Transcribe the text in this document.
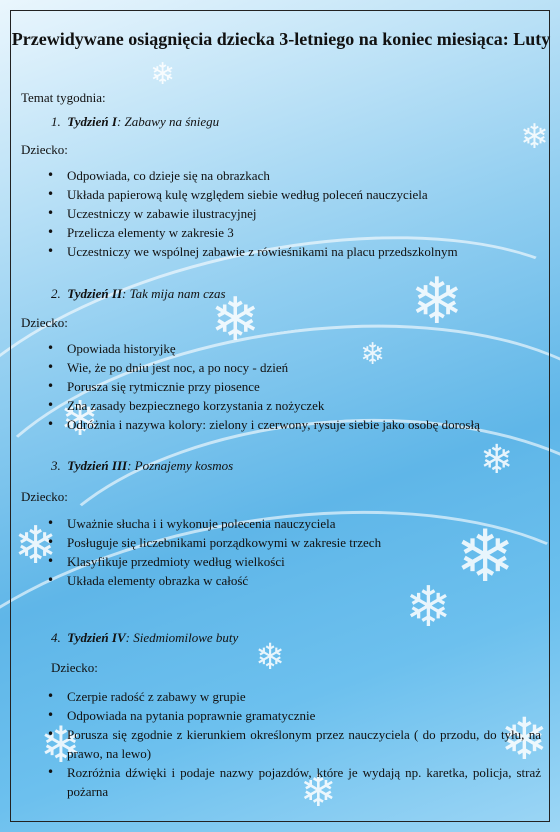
❄
❄
❄
❄
❄
❄
❄
❄
❄
❄
❄
❄
❄
❄
Przewidywane osiągnięcia dziecka 3-letniego na koniec miesiąca: Luty
Temat tygodnia:
1. Tydzień I: Zabawy na śniegu
Dziecko:
• Odpowiada, co dzieje się na obrazkach
• Układa papierową kulę względem siebie według poleceń nauczyciela
• Uczestniczy w zabawie ilustracyjnej
• Przelicza elementy w zakresie 3
• Uczestniczy we wspólnej zabawie z rówieśnikami na placu przedszkolnym
2. Tydzień II: Tak mija nam czas
Dziecko:
• Opowiada historyjkę
• Wie, że po dniu jest noc, a po nocy - dzień
• Porusza się rytmicznie przy piosence
• Zna zasady bezpiecznego korzystania z nożyczek
• Odróżnia i nazywa kolory: zielony i czerwony, rysuje siebie jako osobę dorosłą
3. Tydzień III: Poznajemy kosmos
Dziecko:
• Uważnie słucha i i wykonuje polecenia nauczyciela
• Posługuje się liczebnikami porządkowymi w zakresie trzech
• Klasyfikuje przedmioty według wielkości
• Układa elementy obrazka w całość
4. Tydzień IV: Siedmiomilowe buty
Dziecko:
• Czerpie radość z zabawy w grupie
• Odpowiada na pytania poprawnie gramatycznie
• Porusza się zgodnie z kierunkiem określonym przez nauczyciela ( do przodu, do tyłu, na prawo, na lewo)
• Rozróżnia dźwięki i podaje nazwy pojazdów, które je wydają np. karetka, policja, straż pożarna
